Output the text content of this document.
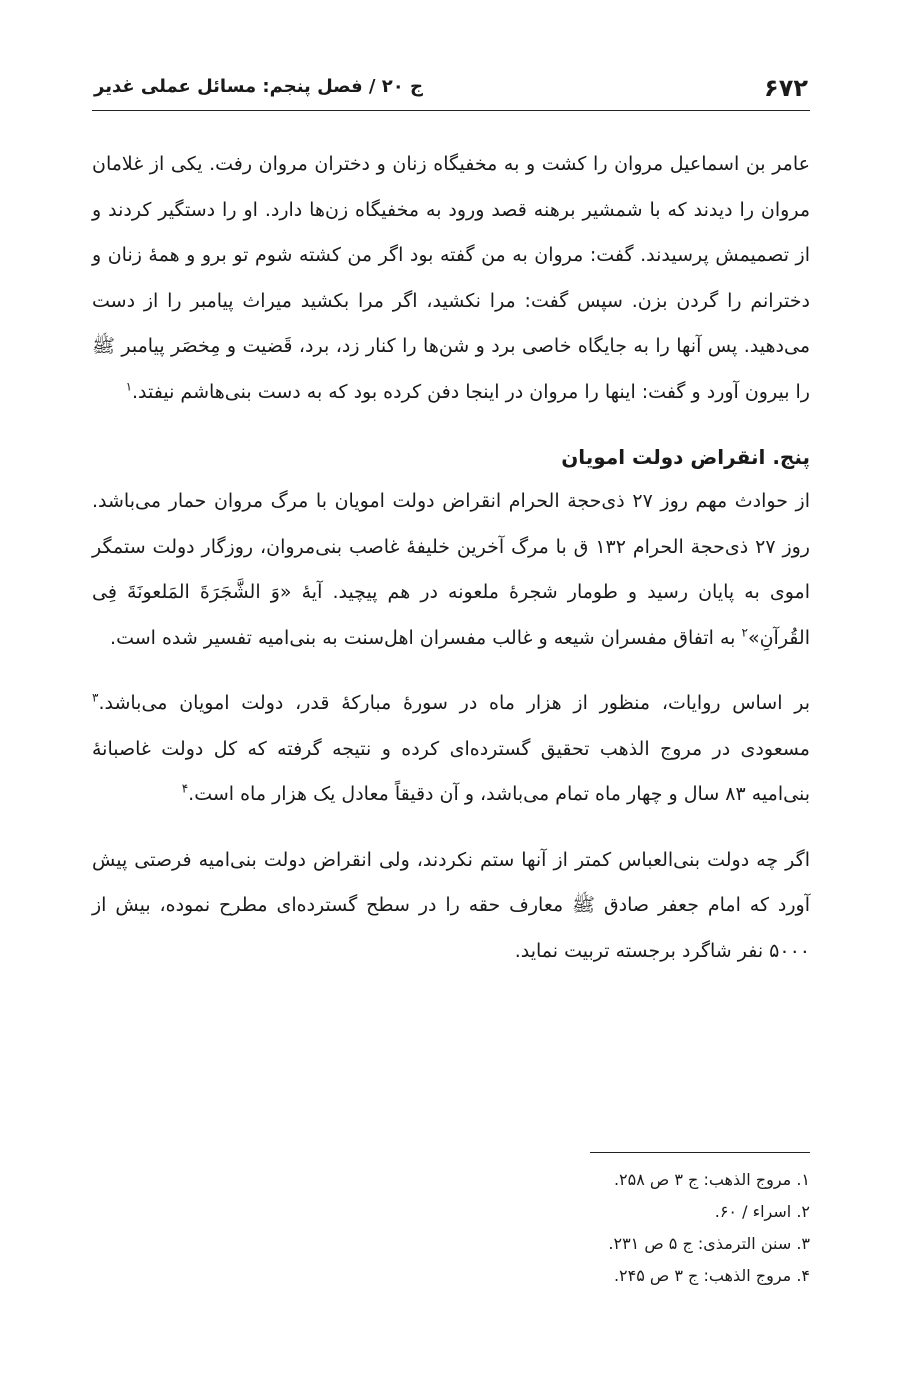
۶۷۲
ج ۲۰ / فصل پنجم: مسائل عملی غدیر

عامر بن اسماعیل مروان را کشت و به مخفیگاه زنان و دختران مروان رفت. یکی از غلامان مروان را دیدند که با شمشیر برهنه قصد ورود به مخفیگاه زن‌ها دارد. او را دستگیر کردند و از تصمیمش پرسیدند. گفت: مروان به من گفته بود اگر من کشته شوم تو برو و همهٔ زنان و دخترانم را گردن بزن. سپس گفت: مرا نکشید، اگر مرا بکشید میراث پیامبر را از دست می‌دهید. پس آنها را به جایگاه خاصی برد و شن‌ها را کنار زد، برد، قَضیت و مِخصَر پیامبر ﷺ را بیرون آورد و گفت: اینها را مروان در اینجا دفن کرده بود که به دست بنی‌هاشم نیفتد.$^۱$

پنج. انقراض دولت امویان

از حوادث مهم روز ۲۷ ذی‌حجة الحرام انقراض دولت امویان با مرگ مروان حمار می‌باشد. روز ۲۷ ذی‌حجة الحرام ۱۳۲ ق با مرگ آخرین خلیفهٔ غاصب بنی‌مروان، روزگار دولت ستمگر اموی به پایان رسید و طومار شجرهٔ ملعونه در هم پیچید. آیهٔ «وَ الشَّجَرَةَ المَلعونَةَ فِی القُرآنِ»$^۲$ به اتفاق مفسران شیعه و غالب مفسران اهل‌سنت به بنی‌امیه تفسیر شده است.

بر اساس روایات، منظور از هزار ماه در سورهٔ مبارکهٔ قدر، دولت امویان می‌باشد.$^۳$ مسعودی در مروج الذهب تحقیق گسترده‌ای کرده و نتیجه گرفته که کل دولت غاصبانهٔ بنی‌امیه ۸۳ سال و چهار ماه تمام می‌باشد، و آن دقیقاً معادل یک هزار ماه است.$^۴$

اگر چه دولت بنی‌العباس کمتر از آنها ستم نکردند، ولی انقراض دولت بنی‌امیه فرصتی پیش آورد که امام جعفر صادق ﷺ معارف حقه را در سطح گسترده‌ای مطرح نموده، بیش از ۵۰۰۰ نفر شاگرد برجسته تربیت نماید.

۱. مروج الذهب: ج ۳ ص ۲۵۸.
۲. اسراء / ۶۰.
۳. سنن الترمذی: ج ۵ ص ۲۳۱.
۴. مروج الذهب: ج ۳ ص ۲۴۵.
